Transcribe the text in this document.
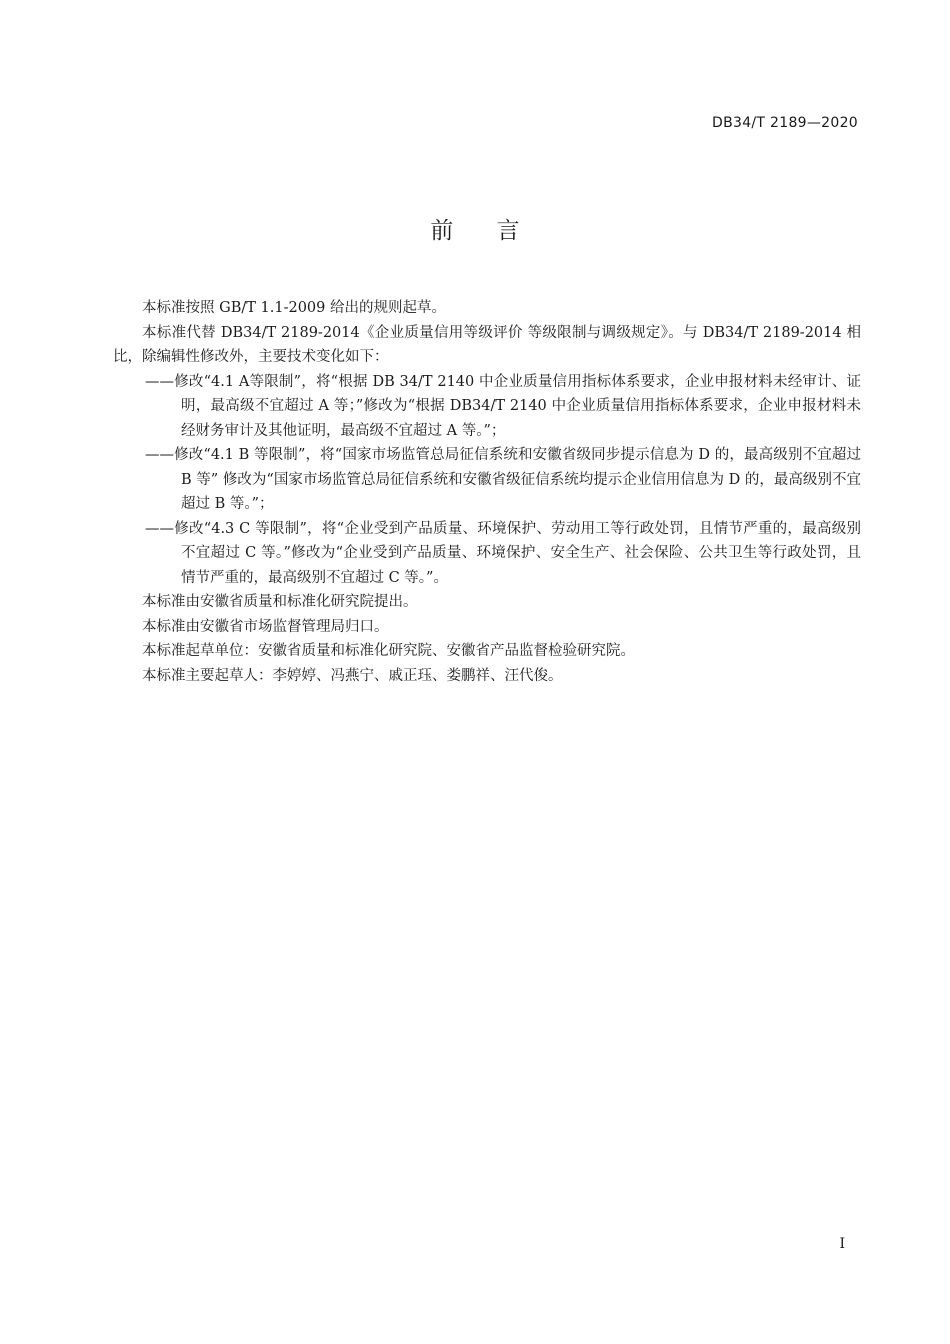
DB34/T 2189—2020
前 言

本标准按照 GB/T 1.1-2009 给出的规则起草。

本标准代替 DB34/T 2189-2014《企业质量信用等级评价 等级限制与调级规定》。与 DB34/T 2189-2014 相比，除编辑性修改外，主要技术变化如下：

——修改“4.1 A等限制”，将“根据 DB 34/T 2140 中企业质量信用指标体系要求，企业申报材料未经审计、证明，最高级不宜超过 A 等；”修改为“根据 DB34/T 2140 中企业质量信用指标体系要求，企业申报材料未经财务审计及其他证明，最高级不宜超过 A 等。”；

——修改“4.1 B 等限制”，将“国家市场监管总局征信系统和安徽省级同步提示信息为 D 的，最高级别不宜超过 B 等” 修改为“国家市场监管总局征信系统和安徽省级征信系统均提示企业信用信息为 D 的，最高级别不宜超过 B 等。”；

——修改“4.3 C 等限制”，将“企业受到产品质量、环境保护、劳动用工等行政处罚，且情节严重的，最高级别不宜超过 C 等。”修改为“企业受到产品质量、环境保护、安全生产、社会保险、公共卫生等行政处罚，且情节严重的，最高级别不宜超过 C 等。”。

本标准由安徽省质量和标准化研究院提出。

本标准由安徽省市场监督管理局归口。

本标准起草单位：安徽省质量和标准化研究院、安徽省产品监督检验研究院。

本标准主要起草人：李婷婷、冯燕宁、戚正珏、娄鹏祥、汪代俊。

I
